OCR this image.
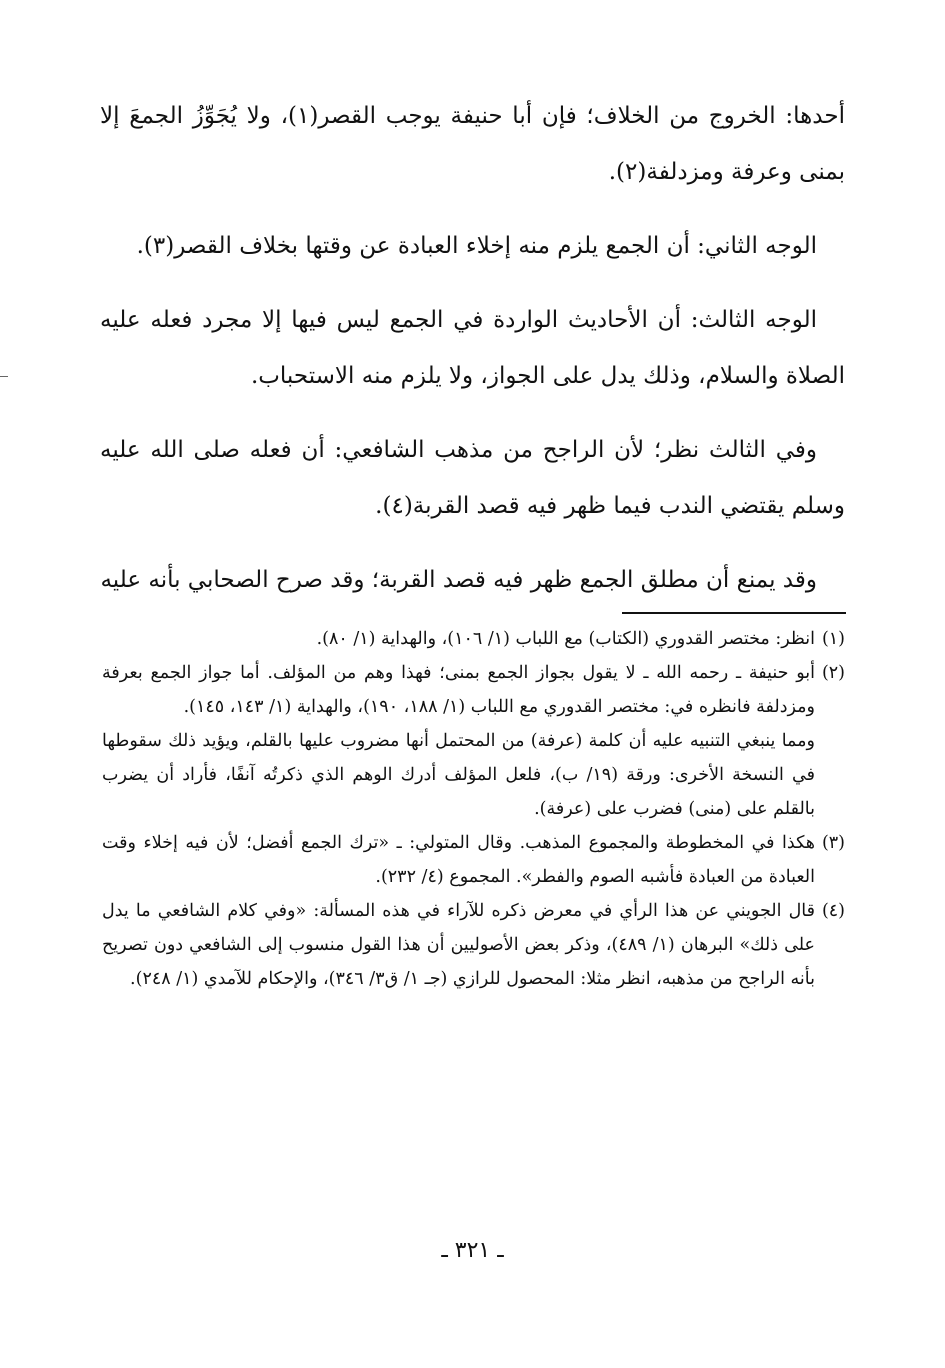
أحدها: الخروج من الخلاف؛ فإن أبا حنيفة يوجب القصر(١)، ولا يُجَوِّزُ الجمعَ إلا بمنى وعرفة ومزدلفة(٢).

الوجه الثاني: أن الجمع يلزم منه إخلاء العبادة عن وقتها بخلاف القصر(٣).

الوجه الثالث: أن الأحاديث الواردة في الجمع ليس فيها إلا مجرد فعله عليه الصلاة والسلام، وذلك يدل على الجواز، ولا يلزم منه الاستحباب.

وفي الثالث نظر؛ لأن الراجح من مذهب الشافعي: أن فعله صلى الله عليه وسلم يقتضي الندب فيما ظهر فيه قصد القربة(٤).

وقد يمنع أن مطلق الجمع ظهر فيه قصد القربة؛ وقد صرح الصحابي بأنه عليه

(١)

انظر: مختصر القدوري (الكتاب) مع اللباب (١/ ١٠٦)، والهداية (١/ ٨٠).

(٢)

أبو حنيفة ـ رحمه الله ـ لا يقول بجواز الجمع بمنى؛ فهذا وهم من المؤلف. أما جواز الجمع بعرفة ومزدلفة فانظره في: مختصر القدوري مع اللباب (١/ ١٨٨، ١٩٠)، والهداية (١/ ١٤٣، ١٤٥).

ومما ينبغي التنبيه عليه أن كلمة (عرفة) من المحتمل أنها مضروب عليها بالقلم، ويؤيد ذلك سقوطها في النسخة الأخرى: ورقة (١٩/ ب)، فلعل المؤلف أدرك الوهم الذي ذكرتُه آنفًا، فأراد أن يضرب بالقلم على (منى) فضرب على (عرفة).

(٣)

هكذا في المخطوطة والمجموع المذهب. وقال المتولي: ـ «ترك الجمع أفضل؛ لأن فيه إخلاء وقت العبادة من العبادة فأشبه الصوم والفطر». المجموع (٤/ ٢٣٢).

(٤)

قال الجويني عن هذا الرأي في معرض ذكره للآراء في هذه المسألة: «وفي كلام الشافعي ما يدل على ذلك» البرهان (١/ ٤٨٩)، وذكر بعض الأصوليين أن هذا القول منسوب إلى الشافعي دون تصريح بأنه الراجح من مذهبه، انظر مثلا: المحصول للرازي (جـ ١/ ق٣/ ٣٤٦)، والإحكام للآمدي (١/ ٢٤٨).

ـ ٣٢١ ـ
